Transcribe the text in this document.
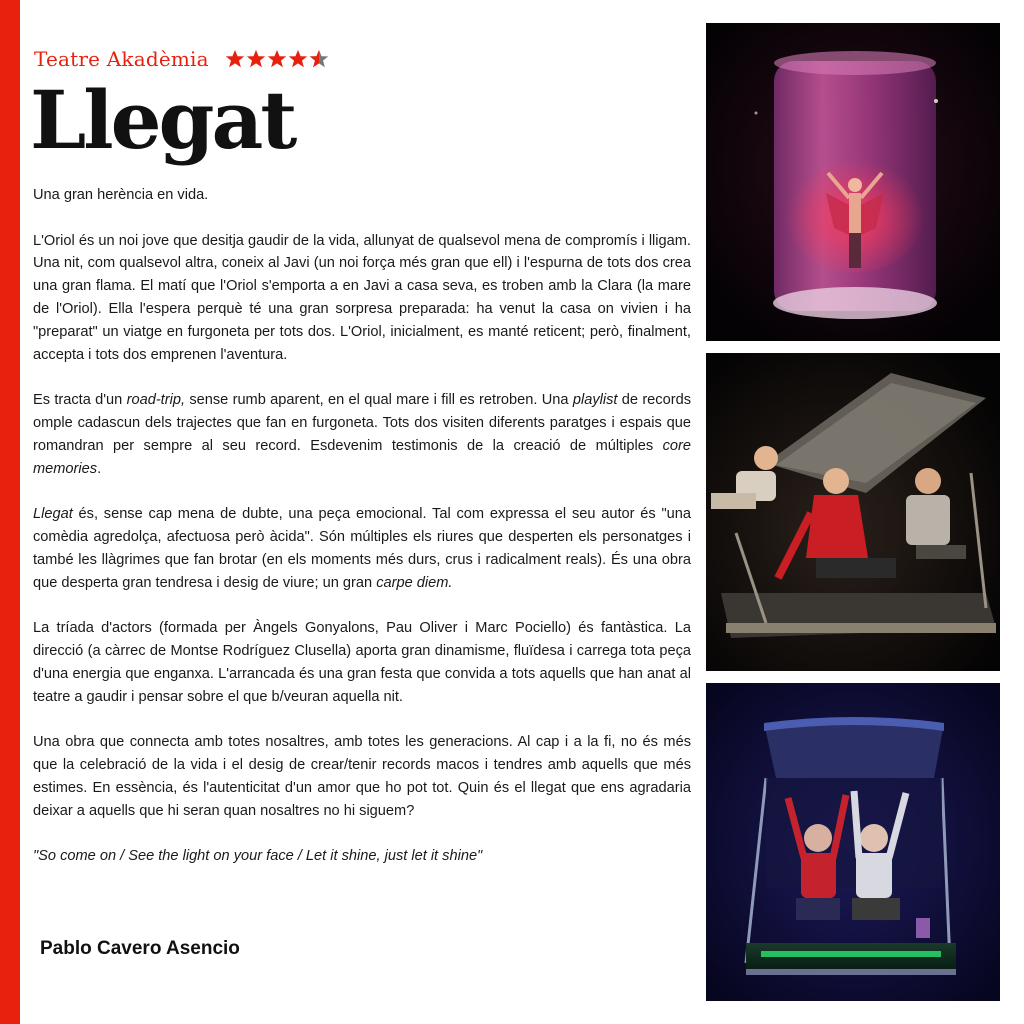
Teatre Akadèmia
Llegat

Una gran herència en vida.

L'Oriol és un noi jove que desitja gaudir de la vida, allunyat de qualsevol mena de compromís i lligam. Una nit, com qualsevol altra, coneix al Javi (un noi força més gran que ell) i l'espurna de tots dos crea una gran flama. El matí que l'Oriol s'emporta a en Javi a casa seva, es troben amb la Clara (la mare de l'Oriol). Ella l'espera perquè té una gran sorpresa preparada: ha venut la casa on vivien i ha "preparat" un viatge en furgoneta per tots dos. L'Oriol, inicialment, es manté reticent; però, finalment, accepta i tots dos emprenen l'aventura.

Es tracta d'un road-trip, sense rumb aparent, en el qual mare i fill es retroben. Una playlist de records omple cadascun dels trajectes que fan en furgoneta. Tots dos visiten diferents paratges i espais que romandran per sempre al seu record. Esdevenim testimonis de la creació de múltiples core memories.

Llegat és, sense cap mena de dubte, una peça emocional. Tal com expressa el seu autor és "una comèdia agredolça, afectuosa però àcida". Són múltiples els riures que desperten els personatges i també les llàgrimes que fan brotar (en els moments més durs, crus i radicalment reals). És una obra que desperta gran tendresa i desig de viure; un gran carpe diem.

La tríada d'actors (formada per Àngels Gonyalons, Pau Oliver i Marc Pociello) és fantàstica. La direcció (a càrrec de Montse Rodríguez Clusella) aporta gran dinamisme, fluïdesa i carrega tota peça d'una energia que enganxa. L'arrancada és una gran festa que convida a tots aquells que han anat al teatre a gaudir i pensar sobre el que b/veuran aquella nit.

Una obra que connecta amb totes nosaltres, amb totes les generacions. Al cap i a la fi, no és més que la celebració de la vida i el desig de crear/tenir records macos i tendres amb aquells que més estimes. En essència, és l'autenticitat d'un amor que ho pot tot. Quin és el llegat que ens agradaria deixar a aquells que hi seran quan nosaltres no hi siguem?

"So come on / See the light on your face / Let it shine, just let it shine"

Pablo Cavero Asencio
